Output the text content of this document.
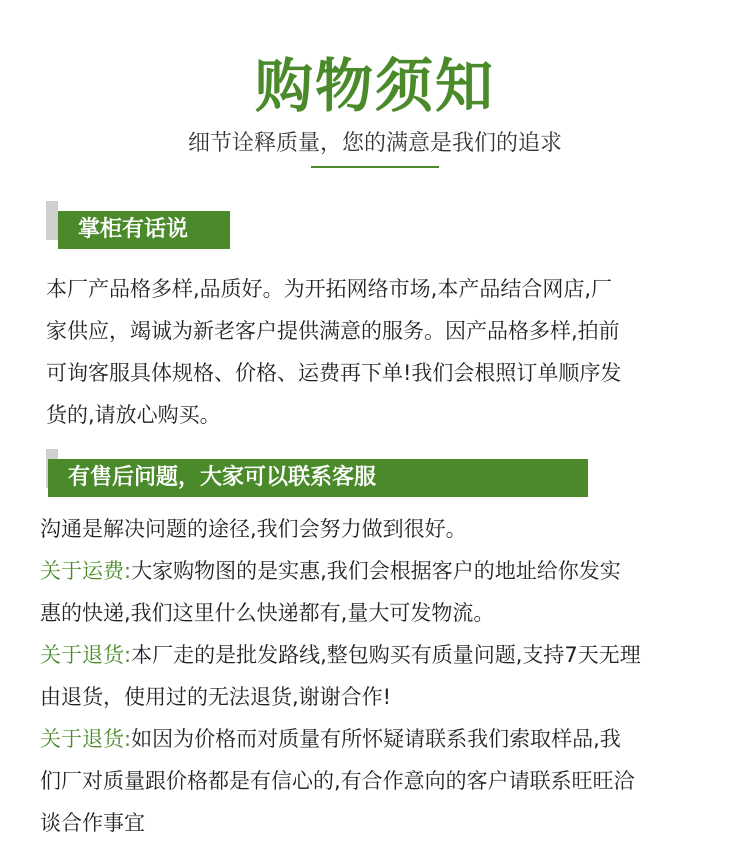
购物须知
细节诠释质量，您的满意是我们的追求
掌柜有话说
本厂产品格多样,品质好。为开拓网络市场,本产品结合网店,厂
家供应，竭诚为新老客户提供满意的服务。因产品格多样,拍前
可询客服具体规格、价格、运费再下单!我们会根照订单顺序发
货的,请放心购买。
有售后问题，大家可以联系客服
沟通是解决问题的途径,我们会努力做到很好。
关于运费:大家购物图的是实惠,我们会根据客户的地址给你发实
惠的快递,我们这里什么快递都有,量大可发物流。
关于退货:本厂走的是批发路线,整包购买有质量问题,支持7天无理
由退货，使用过的无法退货,谢谢合作!
关于退货:如因为价格而对质量有所怀疑请联系我们索取样品,我
们厂对质量跟价格都是有信心的,有合作意向的客户请联系旺旺洽
谈合作事宜
